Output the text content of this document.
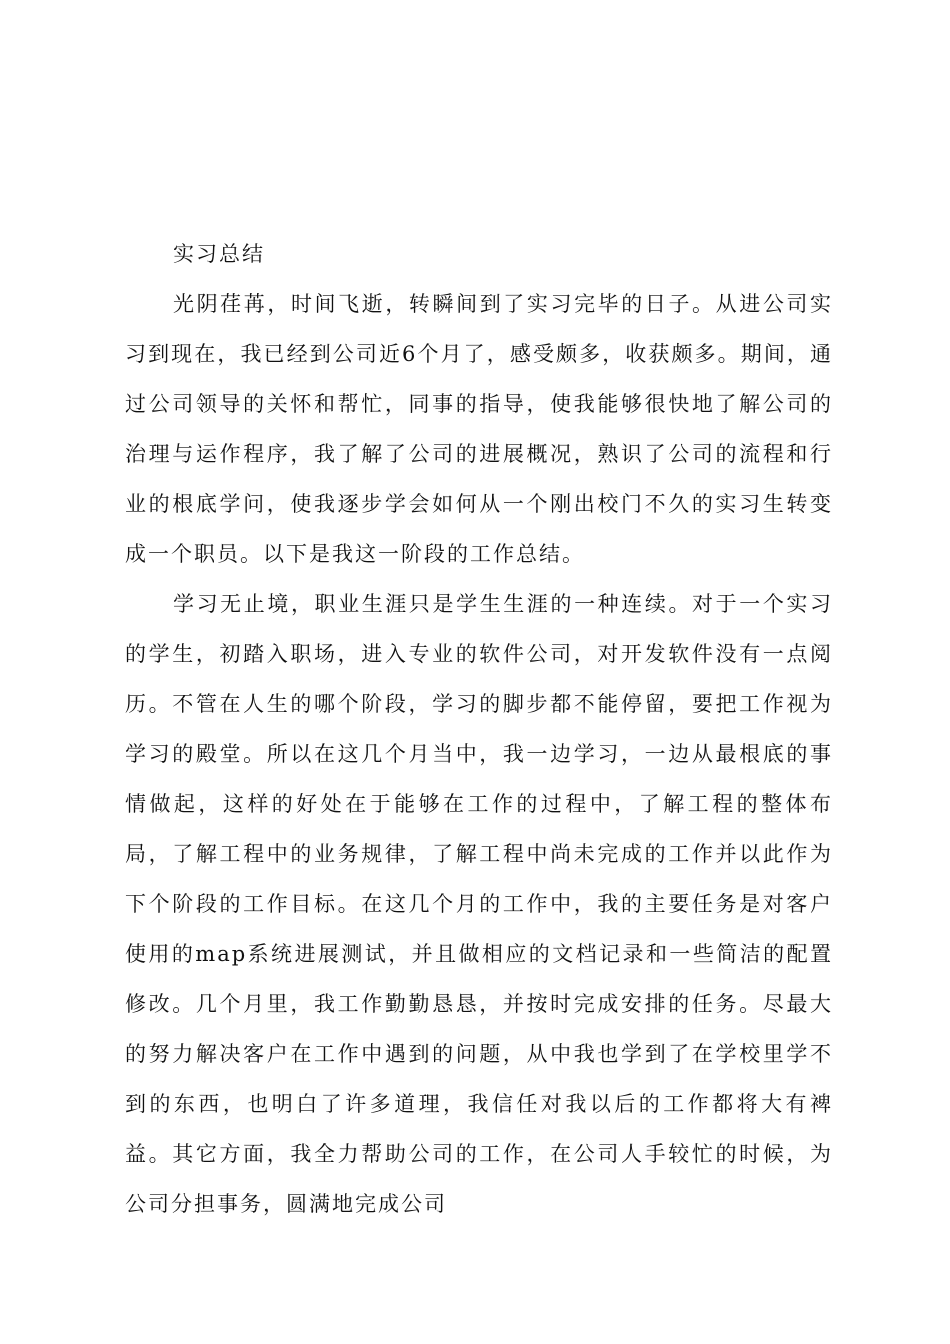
实习总结

光阴荏苒，时间飞逝，转瞬间到了实习完毕的日子。从进公司实习到现在，我已经到公司近6个月了，感受颇多，收获颇多。期间，通过公司领导的关怀和帮忙，同事的指导，使我能够很快地了解公司的治理与运作程序，我了解了公司的进展概况，熟识了公司的流程和行业的根底学问，使我逐步学会如何从一个刚出校门不久的实习生转变成一个职员。以下是我这一阶段的工作总结。

学习无止境，职业生涯只是学生生涯的一种连续。对于一个实习的学生，初踏入职场，进入专业的软件公司，对开发软件没有一点阅历。不管在人生的哪个阶段，学习的脚步都不能停留，要把工作视为学习的殿堂。所以在这几个月当中，我一边学习，一边从最根底的事情做起，这样的好处在于能够在工作的过程中，了解工程的整体布局，了解工程中的业务规律，了解工程中尚未完成的工作并以此作为下个阶段的工作目标。在这几个月的工作中，我的主要任务是对客户使用的map系统进展测试，并且做相应的文档记录和一些简洁的配置修改。几个月里，我工作勤勤恳恳，并按时完成安排的任务。尽最大的努力解决客户在工作中遇到的问题，从中我也学到了在学校里学不到的东西，也明白了许多道理，我信任对我以后的工作都将大有裨益。其它方面，我全力帮助公司的工作，在公司人手较忙的时候，为公司分担事务，圆满地完成公司
